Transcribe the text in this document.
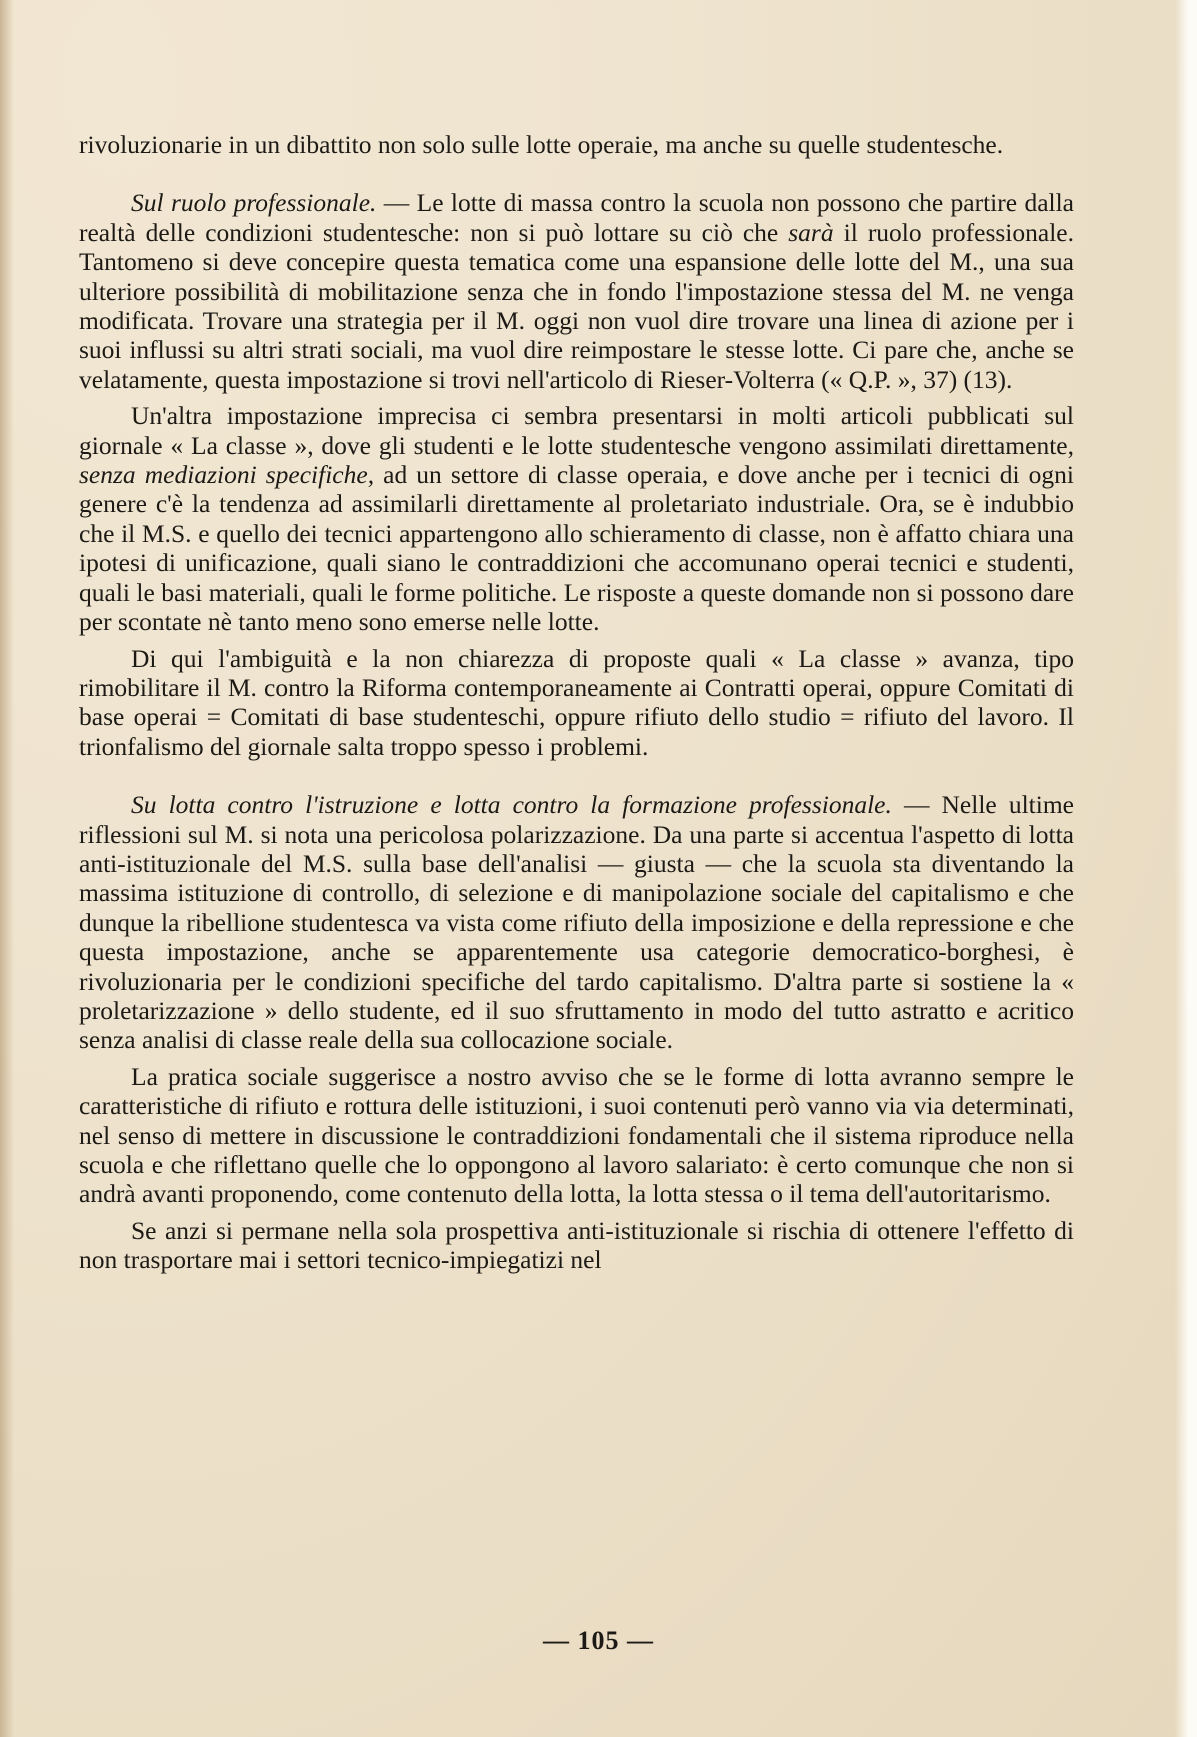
rivoluzionarie in un dibattito non solo sulle lotte operaie, ma anche su quelle studentesche.

Sul ruolo professionale. — Le lotte di massa contro la scuola non possono che partire dalla realtà delle condizioni studentesche: non si può lottare su ciò che sarà il ruolo professionale. Tantomeno si deve concepire questa tematica come una espansione delle lotte del M., una sua ulteriore possibilità di mobilitazione senza che in fondo l'impostazione stessa del M. ne venga modificata. Trovare una strategia per il M. oggi non vuol dire trovare una linea di azione per i suoi influssi su altri strati sociali, ma vuol dire reimpostare le stesse lotte. Ci pare che, anche se velatamente, questa impostazione si trovi nell'articolo di Rieser-Volterra (« Q.P. », 37) (13).

Un'altra impostazione imprecisa ci sembra presentarsi in molti articoli pubblicati sul giornale « La classe », dove gli studenti e le lotte studentesche vengono assimilati direttamente, senza mediazioni specifiche, ad un settore di classe operaia, e dove anche per i tecnici di ogni genere c'è la tendenza ad assimilarli direttamente al proletariato industriale. Ora, se è indubbio che il M.S. e quello dei tecnici appartengono allo schieramento di classe, non è affatto chiara una ipotesi di unificazione, quali siano le contraddizioni che accomunano operai tecnici e studenti, quali le basi materiali, quali le forme politiche. Le risposte a queste domande non si possono dare per scontate nè tanto meno sono emerse nelle lotte.

Di qui l'ambiguità e la non chiarezza di proposte quali « La classe » avanza, tipo rimobilitare il M. contro la Riforma contemporaneamente ai Contratti operai, oppure Comitati di base operai = Comitati di base studenteschi, oppure rifiuto dello studio = rifiuto del lavoro. Il trionfalismo del giornale salta troppo spesso i problemi.

Su lotta contro l'istruzione e lotta contro la formazione professionale. — Nelle ultime riflessioni sul M. si nota una pericolosa polarizzazione. Da una parte si accentua l'aspetto di lotta anti-istituzionale del M.S. sulla base dell'analisi — giusta — che la scuola sta diventando la massima istituzione di controllo, di selezione e di manipolazione sociale del capitalismo e che dunque la ribellione studentesca va vista come rifiuto della imposizione e della repressione e che questa impostazione, anche se apparentemente usa categorie democratico-borghesi, è rivoluzionaria per le condizioni specifiche del tardo capitalismo. D'altra parte si sostiene la « proletarizzazione » dello studente, ed il suo sfruttamento in modo del tutto astratto e acritico senza analisi di classe reale della sua collocazione sociale.

La pratica sociale suggerisce a nostro avviso che se le forme di lotta avranno sempre le caratteristiche di rifiuto e rottura delle istituzioni, i suoi contenuti però vanno via via determinati, nel senso di mettere in discussione le contraddizioni fondamentali che il sistema riproduce nella scuola e che riflettano quelle che lo oppongono al lavoro salariato: è certo comunque che non si andrà avanti proponendo, come contenuto della lotta, la lotta stessa o il tema dell'autoritarismo.

Se anzi si permane nella sola prospettiva anti-istituzionale si rischia di ottenere l'effetto di non trasportare mai i settori tecnico-impiegatizi nel

— 105 —
